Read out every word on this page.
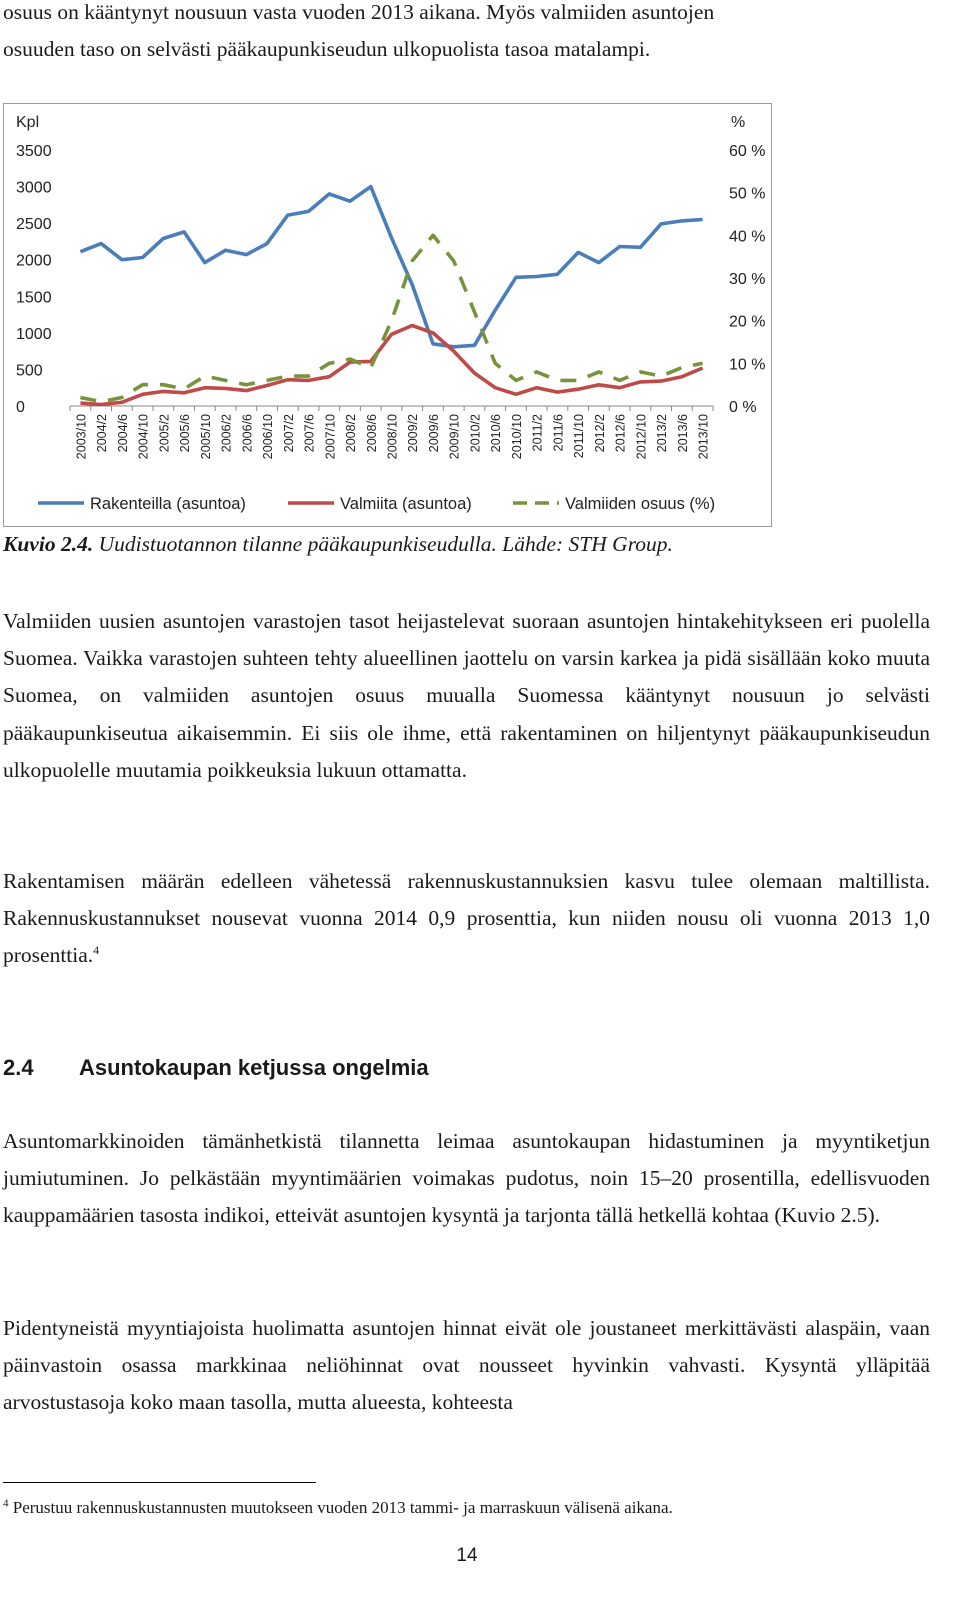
osuus on kääntynyt nousuun vasta vuoden 2013 aikana. Myös valmiiden asuntojen
osuuden taso on selvästi pääkaupunkiseudun ulkopuolista tasoa matalampi.

Kpl	%
3500
3000
2500
2000
1500
1000
500
0
60 %
50 %
40 %
30 %
20 %
10 %
0 %
2003/10 2004/2 2004/6 2004/10 2005/2 2005/6 2005/10 2006/2 2006/6 2006/10 2007/2 2007/6 2007/10 2008/2 2008/6 2008/10 2009/2 2009/6 2009/10 2010/2 2010/6 2010/10 2011/2 2011/6 2011/10 2012/2 2012/6 2012/10 2013/2 2013/6 2013/10
Rakenteilla (asuntoa)	Valmiita (asuntoa)	Valmiiden osuus (%)
Kuvio 2.4. Uudistuotannon tilanne pääkaupunkiseudulla. Lähde: STH Group.

Valmiiden uusien asuntojen varastojen tasot heijastelevat suoraan asuntojen hintakehitykseen eri puolella Suomea. Vaikka varastojen suhteen tehty alueellinen jaottelu on varsin karkea ja pidä sisällään koko muuta Suomea, on valmiiden asuntojen osuus muualla Suomessa kääntynyt nousuun jo selvästi pääkaupunkiseutua aikaisemmin. Ei siis ole ihme, että rakentaminen on hiljentynyt pääkaupunkiseudun ulkopuolelle muutamia poikkeuksia lukuun ottamatta.

Rakentamisen määrän edelleen vähetessä rakennuskustannuksien kasvu tulee olemaan maltillista. Rakennuskustannukset nousevat vuonna 2014 0,9 prosenttia, kun niiden nousu oli vuonna 2013 1,0 prosenttia.$^4$

2.4 Asuntokaupan ketjussa ongelmia

Asuntomarkkinoiden tämänhetkistä tilannetta leimaa asuntokaupan hidastuminen ja myyntiketjun jumiutuminen. Jo pelkästään myyntimäärien voimakas pudotus, noin 15–20 prosentilla, edellisvuoden kauppamäärien tasosta indikoi, etteivät asuntojen kysyntä ja tarjonta tällä hetkellä kohtaa (Kuvio 2.5).

Pidentyneistä myyntiajoista huolimatta asuntojen hinnat eivät ole joustaneet merkittävästi alaspäin, vaan päinvastoin osassa markkinaa neliöhinnat ovat nousseet hyvinkin vahvasti. Kysyntä ylläpitää arvostustasoja koko maan tasolla, mutta alueesta, kohteesta

$^4$ Perustuu rakennuskustannusten muutokseen vuoden 2013 tammi- ja marraskuun välisenä aikana.
14
